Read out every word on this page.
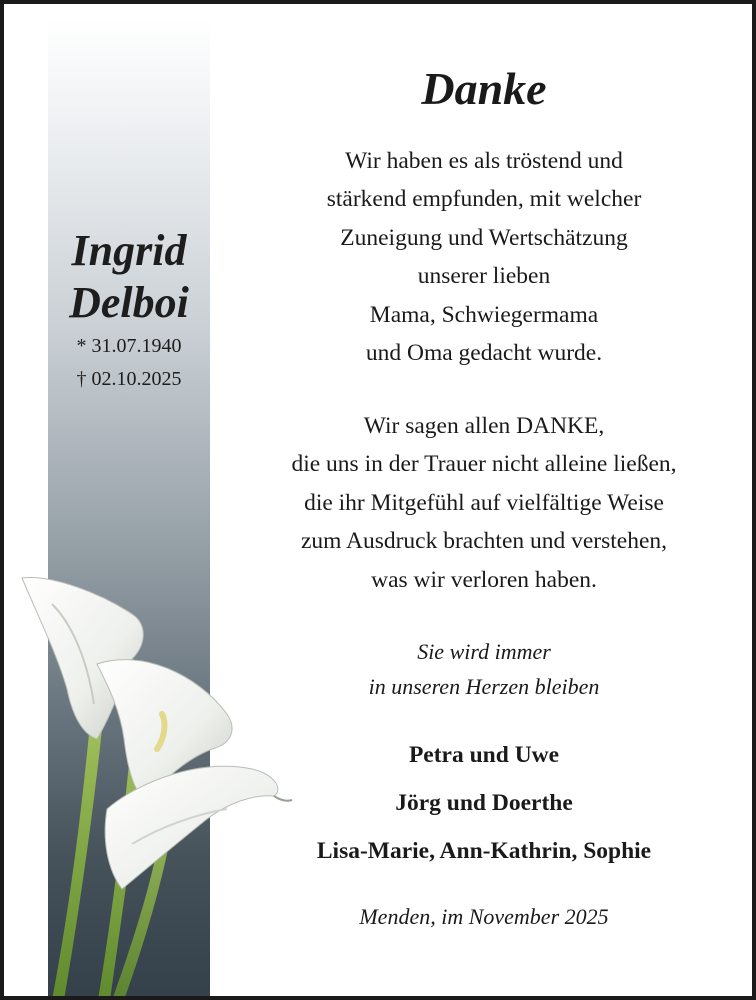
Ingrid
Delboi
* 31.07.1940
† 02.10.2025
Danke
Wir haben es als tröstend und
stärkend empfunden, mit welcher
Zuneigung und Wertschätzung
unserer lieben
Mama, Schwiegermama
und Oma gedacht wurde.
Wir sagen allen DANKE,
die uns in der Trauer nicht alleine ließen,
die ihr Mitgefühl auf vielfältige Weise
zum Ausdruck brachten und verstehen,
was wir verloren haben.
Sie wird immer
in unseren Herzen bleiben
Petra und Uwe
Jörg und Doerthe
Lisa-Marie, Ann-Kathrin, Sophie
Menden, im November 2025
